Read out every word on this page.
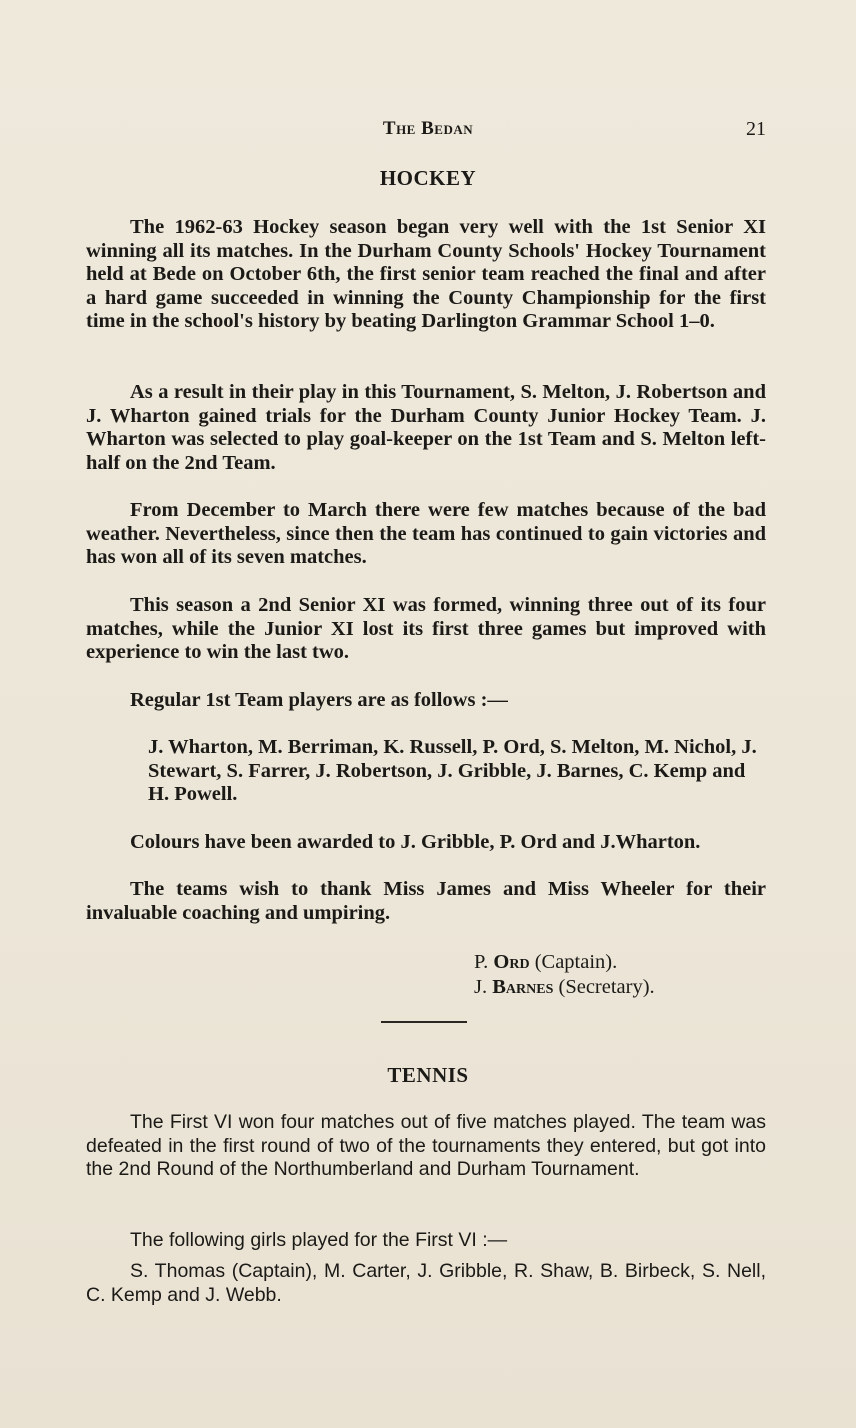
The Bedan	21
HOCKEY

The 1962-63 Hockey season began very well with the 1st Senior XI winning all its matches. In the Durham County Schools' Hockey Tournament held at Bede on October 6th, the first senior team reached the final and after a hard game succeeded in winning the County Championship for the first time in the school's history by beating Darlington Grammar School 1–0.

As a result in their play in this Tournament, S. Melton, J. Robertson and J. Wharton gained trials for the Durham County Junior Hockey Team. J. Wharton was selected to play goal-keeper on the 1st Team and S. Melton left-half on the 2nd Team.

From December to March there were few matches because of the bad weather. Nevertheless, since then the team has continued to gain victories and has won all of its seven matches.

This season a 2nd Senior XI was formed, winning three out of its four matches, while the Junior XI lost its first three games but improved with experience to win the last two.

Regular 1st Team players are as follows :—

J. Wharton, M. Berriman, K. Russell, P. Ord, S. Melton, M. Nichol, J. Stewart, S. Farrer, J. Robertson, J. Gribble, J. Barnes, C. Kemp and H. Powell.

Colours have been awarded to J. Gribble, P. Ord and J.Wharton.

The teams wish to thank Miss James and Miss Wheeler for their invaluable coaching and umpiring.

P. Ord (Captain).
J. Barnes (Secretary).
TENNIS

The First VI won four matches out of five matches played. The team was defeated in the first round of two of the tournaments they entered, but got into the 2nd Round of the Northumberland and Durham Tournament.

The following girls played for the First VI :—

S. Thomas (Captain), M. Carter, J. Gribble, R. Shaw, B. Birbeck, S. Nell, C. Kemp and J. Webb.
